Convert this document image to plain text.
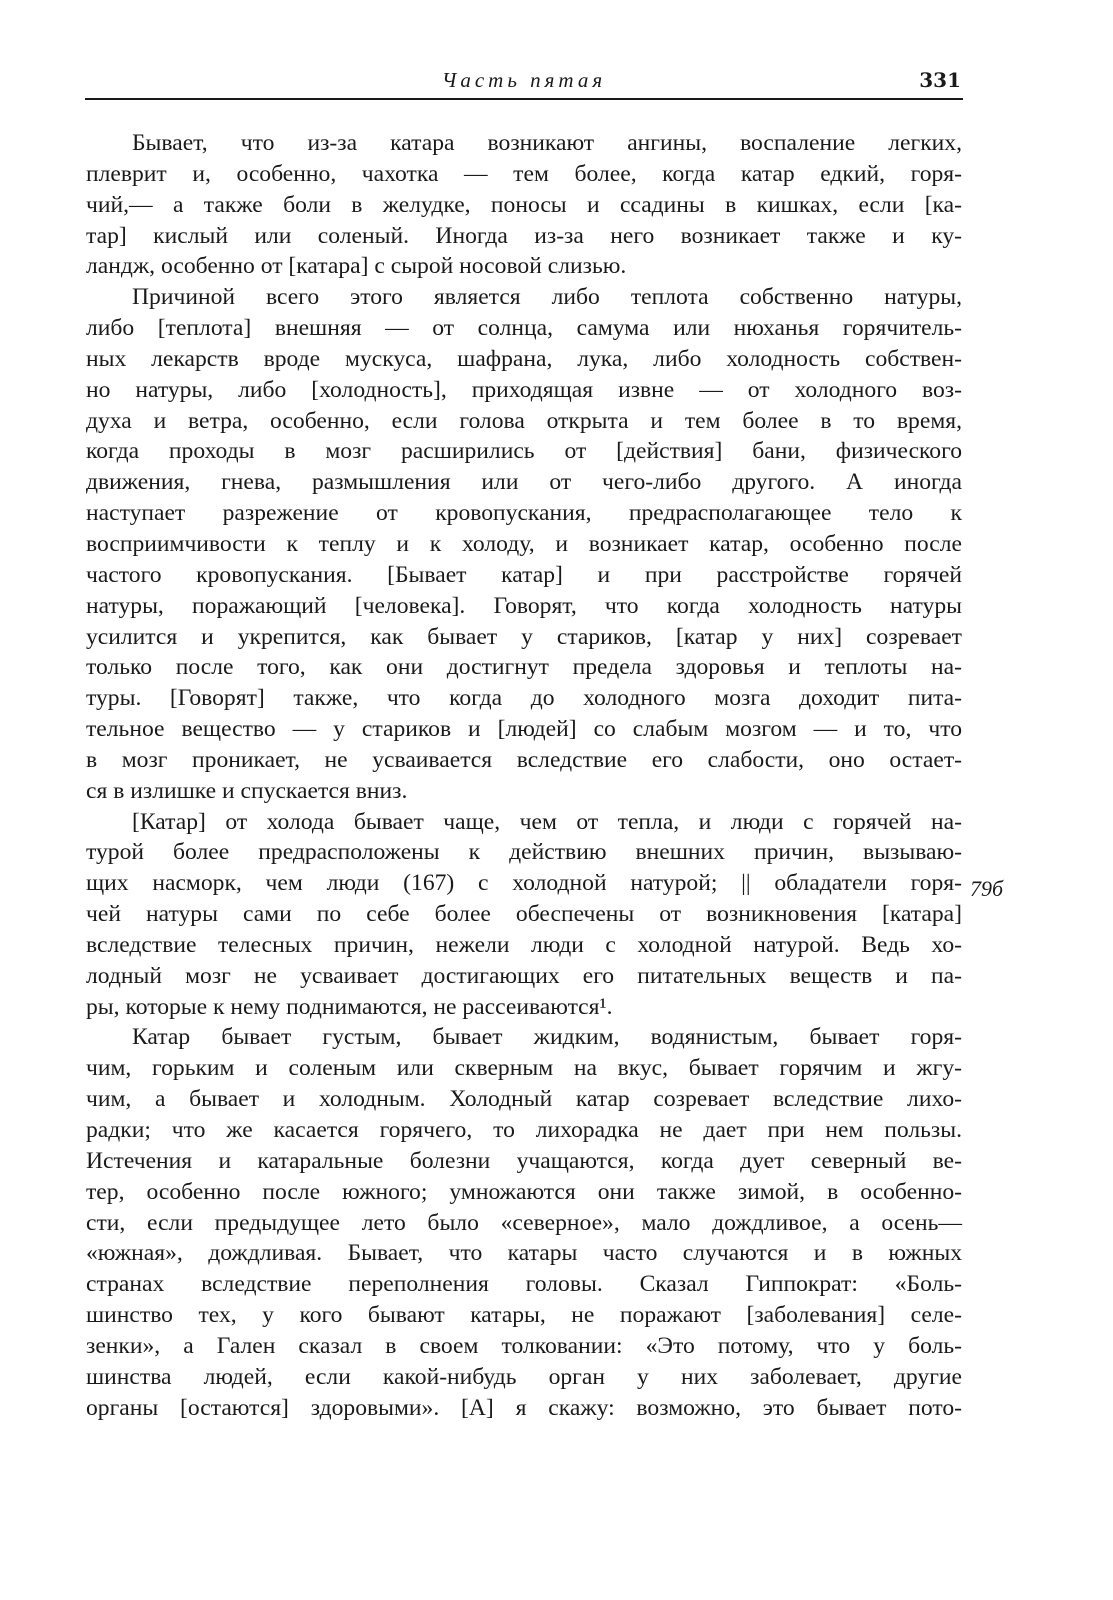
Часть пятая	331
79б
Бывает, что из-за катара возникают ангины, воспаление легких,
плеврит и, особенно, чахотка — тем более, когда катар едкий, горя-
чий,— а также боли в желудке, поносы и ссадины в кишках, если [ка-
тар] кислый или соленый. Иногда из-за него возникает также и ку-
ландж, особенно от [катара] с сырой носовой слизью.
Причиной всего этого является либо теплота собственно натуры,
либо [теплота] внешняя — от солнца, самума или нюханья горячитель-
ных лекарств вроде мускуса, шафрана, лука, либо холодность собствен-
но натуры, либо [холодность], приходящая извне — от холодного воз-
духа и ветра, особенно, если голова открыта и тем более в то время,
когда проходы в мозг расширились от [действия] бани, физического
движения, гнева, размышления или от чего-либо другого. А иногда
наступает разрежение от кровопускания, предрасполагающее тело к
восприимчивости к теплу и к холоду, и возникает катар, особенно после
частого кровопускания. [Бывает катар] и при расстройстве горячей
натуры, поражающий [человека]. Говорят, что когда холодность натуры
усилится и укрепится, как бывает у стариков, [катар у них] созревает
только после того, как они достигнут предела здоровья и теплоты на-
туры. [Говорят] также, что когда до холодного мозга доходит пита-
тельное вещество — у стариков и [людей] со слабым мозгом — и то, что
в мозг проникает, не усваивается вследствие его слабости, оно остает-
ся в излишке и спускается вниз.
[Катар] от холода бывает чаще, чем от тепла, и люди с горячей на-
турой более предрасположены к действию внешних причин, вызываю-
щих насморк, чем люди (167) с холодной натурой; || обладатели горя-
чей натуры сами по себе более обеспечены от возникновения [катара]
вследствие телесных причин, нежели люди с холодной натурой. Ведь хо-
лодный мозг не усваивает достигающих его питательных веществ и па-
ры, которые к нему поднимаются, не рассеиваются¹.
Катар бывает густым, бывает жидким, водянистым, бывает горя-
чим, горьким и соленым или скверным на вкус, бывает горячим и жгу-
чим, а бывает и холодным. Холодный катар созревает вследствие лихо-
радки; что же касается горячего, то лихорадка не дает при нем пользы.
Истечения и катаральные болезни учащаются, когда дует северный ве-
тер, особенно после южного; умножаются они также зимой, в особенно-
сти, если предыдущее лето было «северное», мало дождливое, а осень—
«южная», дождливая. Бывает, что катары часто случаются и в южных
странах вследствие переполнения головы. Сказал Гиппократ: «Боль-
шинство тех, у кого бывают катары, не поражают [заболевания] селе-
зенки», а Гален сказал в своем толковании: «Это потому, что у боль-
шинства людей, если какой-нибудь орган у них заболевает, другие
органы [остаются] здоровыми». [А] я скажу: возможно, это бывает пото-
